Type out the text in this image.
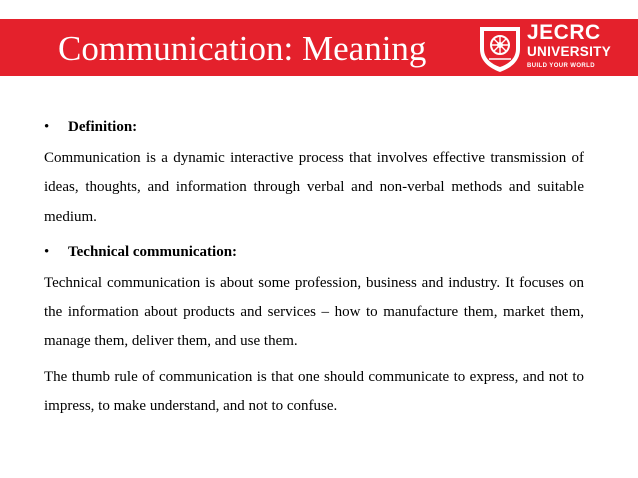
Communication: Meaning	JECRC
UNIVERSITY
BUILD YOUR WORLD
• Definition:

Communication is a dynamic interactive process that involves effective transmission of ideas, thoughts, and information through verbal and non-verbal methods and suitable medium.

• Technical communication:

Technical communication is about some profession, business and industry. It focuses on the information about products and services – how to manufacture them, market them, manage them, deliver them, and use them.

The thumb rule of communication is that one should communicate to express, and not to impress, to make understand, and not to confuse.
